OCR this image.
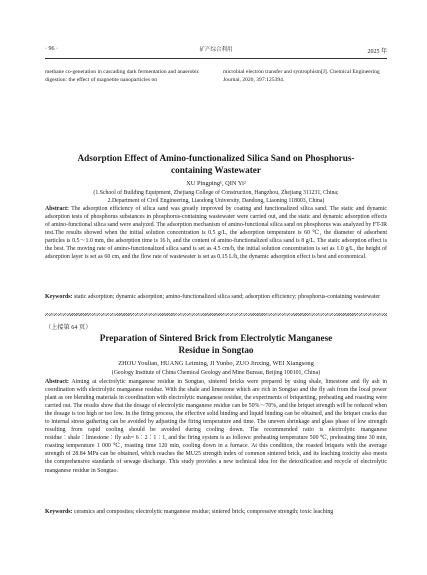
· 96 ·	矿产综合利用	2025 年
methane co-generation in cascading dark fermentation and anaerobic digestion: the effect of magnetite nanoparticles on
microbial electron transfer and syntrophism[J]. Chemical Engineering Journal, 2020, 397:125394.
Adsorption Effect of Amino-functionalized Silica Sand on Phosphorus-
containing Wastewater
XU Pingping¹, QIN Yi²
(1.School of Building Equipment, Zhejiang College of Construction, Hangzhou, Zhejiang 311231, China;
2.Department of Civil Engineering, Liaodong University, Dandong, Liaoning 118003, China)
Abstract: The adsorption efficiency of silica sand was greatly improved by coating and functionalized silica sand. The static and dynamic adsorption tests of phosphorus substances in phosphorus-containing wastewater were carried out, and the static and dynamic adsorption effects of amino-functional silica sand were analyzed. The adsorption mechanism of amino-functional silica sand on phosphorus was analyzed by FT-IR test.The results showed when the initial solution concentration is 0.5 g/L, the adsorption temperature is 60 ℃, the diameter of adsorbent particles is 0.5～1.0 mm, the adsorption time is 16 h, and the content of amino-functionalized silica sand is 8 g/L. The static adsorption effect is the best. The moving rate of amino-functionalized silica sand is set as 4.5 cm/h, the initial solution concentration is set as 1.0 g/L, the height of adsorption layer is set as 60 cm, and the flow rate of wastewater is set as 0.15 L/h, the dynamic adsorption effect is best and economical.
Keywords: static adsorption; dynamic adsorption; amino-functionalized silica sand; adsorption efficiency; phosphorus-containing wastewater
（上接第 64 页）
Preparation of Sintered Brick from Electrolytic Manganese
Residue in Songtao
ZHOU Youlian, HUANG Leiming, JI Yunbo, ZUO Jinxing, WEI Xiangsong
(Geology Institute of China Chemical Geology and Mine Bureau, Beijing 100101, China)
Abstract: Aiming at electrolytic manganese residue in Songtao, sintered bricks were prepared by using shale, limestone and fly ash in coordination with electrolytic manganese residue. With the shale and limestone which are rich in Songtao and the fly ash from the local power plant as ore blending materials in coordination with electrolytic manganese residue, the experiments of briquetting, preheating and roasting were carried out. The results show that the dosage of electrolytic manganese residue can be 50%～70%, and the briquet strength will be reduced when the dosage is too high or too low. In the firing process, the effective solid binding and liquid binding can be obtained, and the briquet cracks due to internal stress gathering can be avoided by adjusting the firing temperature and time. The uneven shrinkage and glass phase of low strength resulting from rapid cooling should be avoided during cooling down. The recommended ratio is electrolytic manganese residue∶shale∶limestone∶fly ash= 6∶2∶1∶1, and the firing system is as follows: preheating temperature 500 ℃, preheating time 30 min, roasting temperature 1 000 ℃, roasting time 120 min, cooling down in a furnace. At this condition, the roasted briquets with the average strength of 28.84 MPa can be obtained, which reaches the MU25 strength index of common sintered brick, and its leaching toxicity also meets the comprehensive standards of sewage discharge. This study provides a new technical idea for the detoxification and recycle of electrolytic manganese residue in Songtao.
Keywords: ceramics and composites; electrolytic manganese residue; sintered brick; compressive strength; toxic leaching
